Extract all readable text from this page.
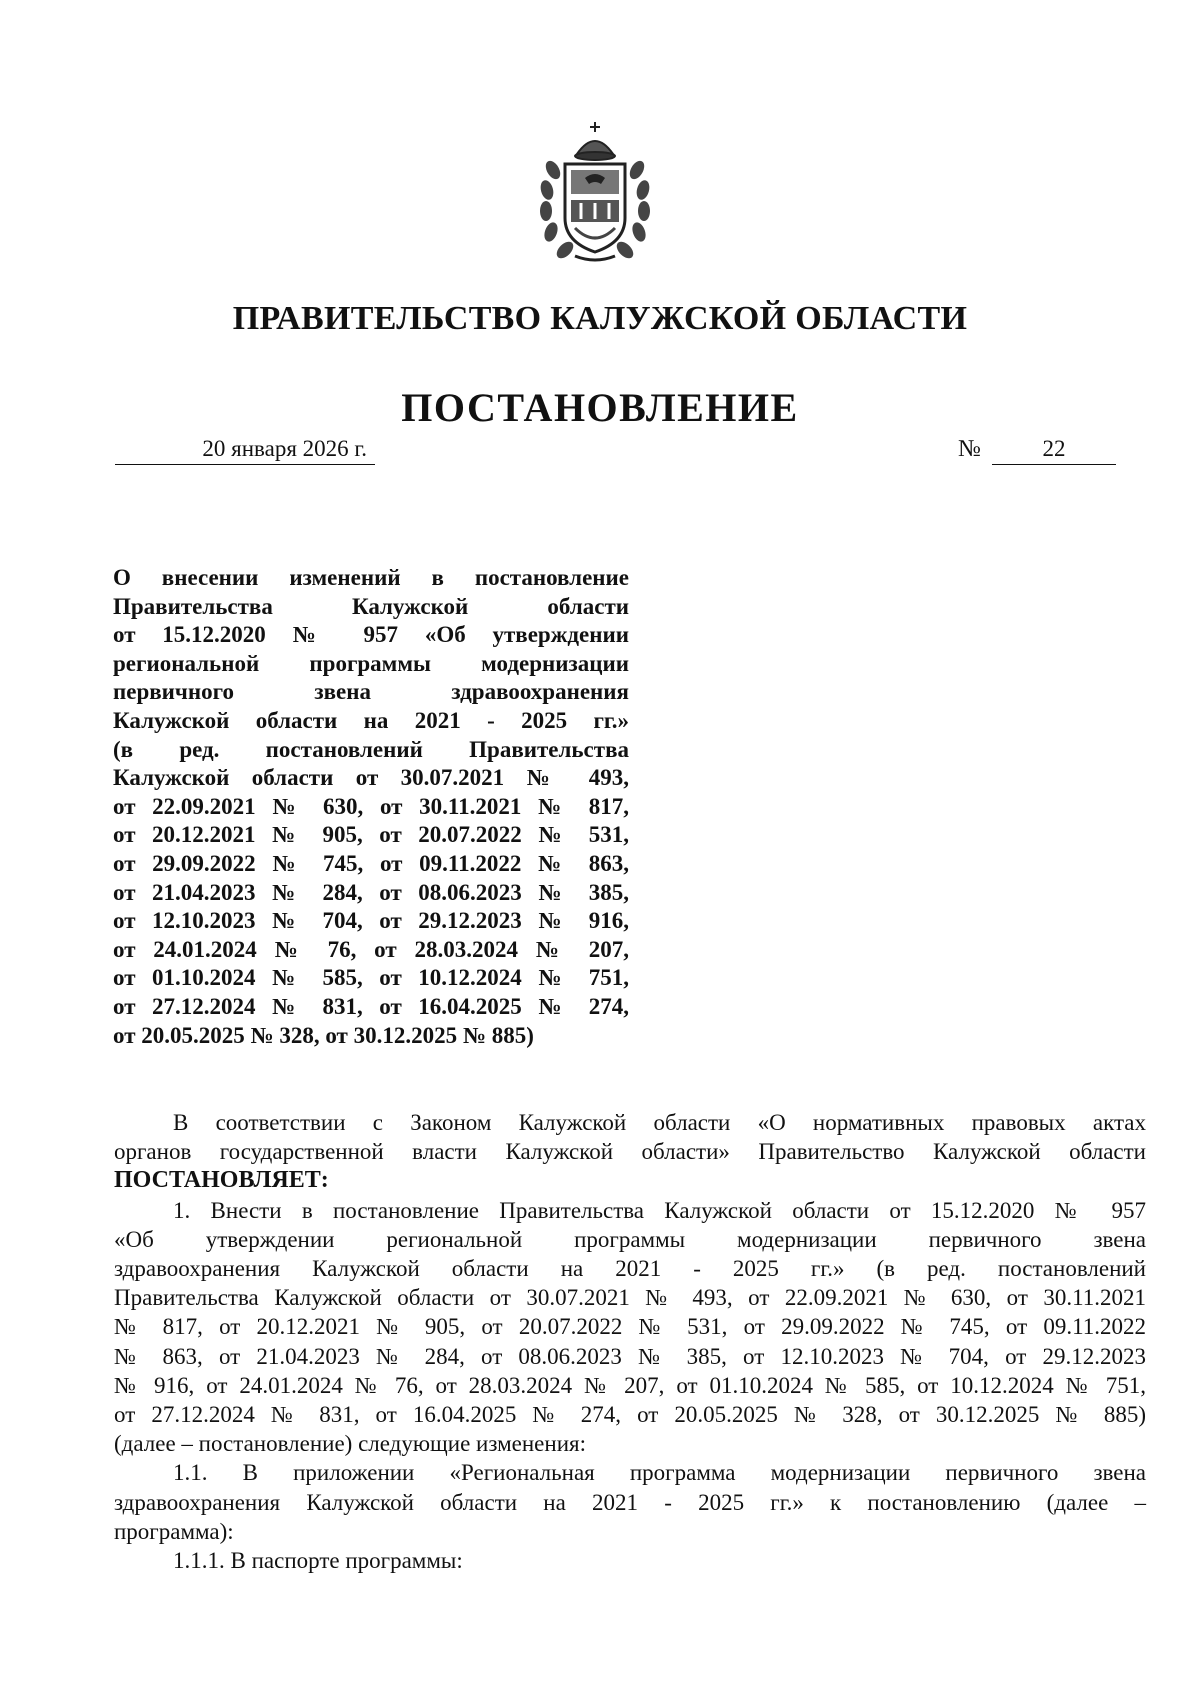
ПРАВИТЕЛЬСТВО КАЛУЖСКОЙ ОБЛАСТИ
ПОСТАНОВЛЕНИЕ
20 января 2026 г.	№	22
О внесении изменений в постановление
Правительства Калужской области
от 15.12.2020 № 957 «Об утверждении
региональной программы модернизации
первичного звена здравоохранения
Калужской области на 2021 - 2025 гг.»
(в ред. постановлений Правительства
Калужской области от 30.07.2021 № 493,
от 22.09.2021 № 630, от 30.11.2021 № 817,
от 20.12.2021 № 905, от 20.07.2022 № 531,
от 29.09.2022 № 745, от 09.11.2022 № 863,
от 21.04.2023 № 284, от 08.06.2023 № 385,
от 12.10.2023 № 704, от 29.12.2023 № 916,
от 24.01.2024 № 76, от 28.03.2024 № 207,
от 01.10.2024 № 585, от 10.12.2024 № 751,
от 27.12.2024 № 831, от 16.04.2025 № 274,
от 20.05.2025 № 328, от 30.12.2025 № 885)
В соответствии с Законом Калужской области «О нормативных правовых актах
органов государственной власти Калужской области» Правительство Калужской области
ПОСТАНОВЛЯЕТ:
1. Внести в постановление Правительства Калужской области от 15.12.2020 № 957
«Об утверждении региональной программы модернизации первичного звена
здравоохранения Калужской области на 2021 - 2025 гг.» (в ред. постановлений
Правительства Калужской области от 30.07.2021 № 493, от 22.09.2021 № 630, от 30.11.2021
№ 817, от 20.12.2021 № 905, от 20.07.2022 № 531, от 29.09.2022 № 745, от 09.11.2022
№ 863, от 21.04.2023 № 284, от 08.06.2023 № 385, от 12.10.2023 № 704, от 29.12.2023
№ 916, от 24.01.2024 № 76, от 28.03.2024 № 207, от 01.10.2024 № 585, от 10.12.2024 № 751,
от 27.12.2024 № 831, от 16.04.2025 № 274, от 20.05.2025 № 328, от 30.12.2025 № 885)
(далее – постановление) следующие изменения:
1.1. В приложении «Региональная программа модернизации первичного звена
здравоохранения Калужской области на 2021 - 2025 гг.» к постановлению (далее –
программа):
1.1.1. В паспорте программы:
